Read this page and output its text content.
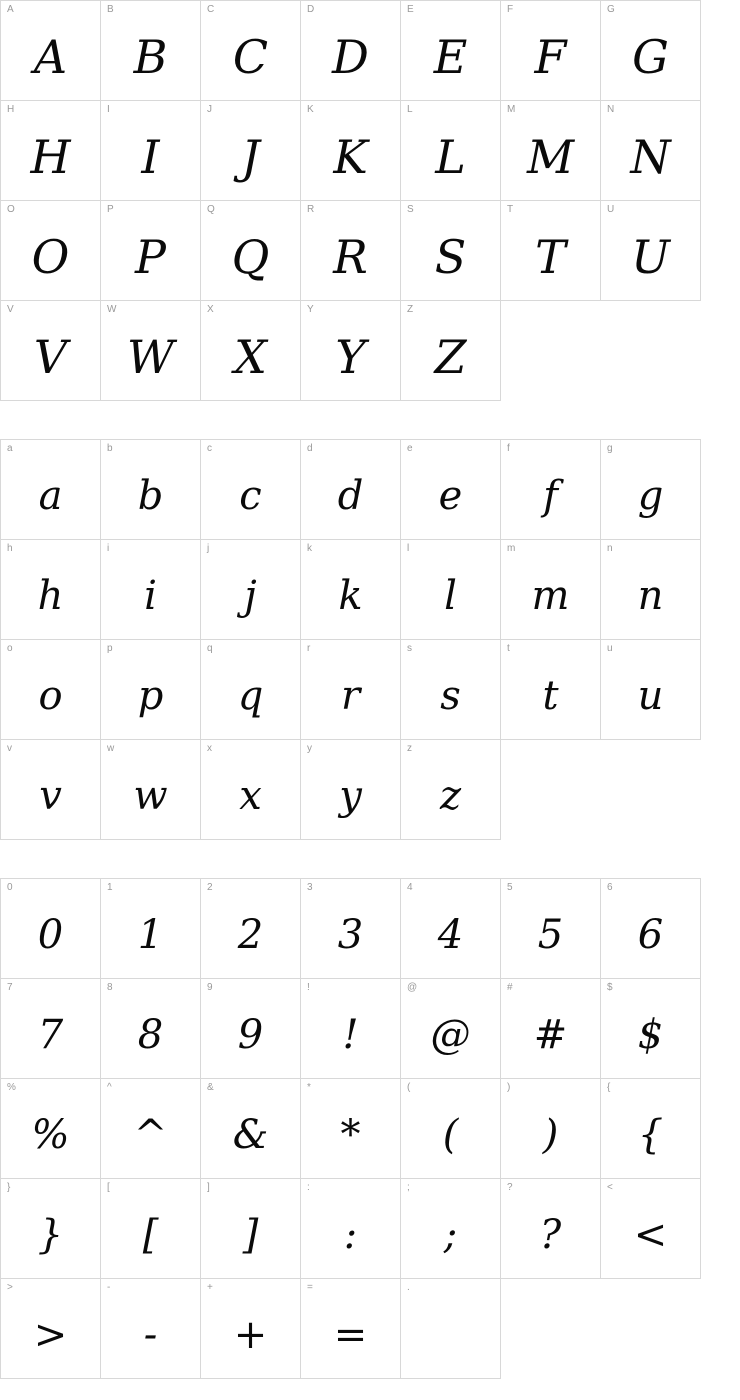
A
A
B
B
C
C
D
D
E
E
F
F
G
G
H
H
I
I
J
J
K
K
L
L
M
M
N
N
O
O
P
P
Q
Q
R
R
S
S
T
T
U
U
V
V
W
W
X
X
Y
Y
Z
Z
a
a
b
b
c
c
d
d
e
e
f
f
g
g
h
h
i
i
j
j
k
k
l
l
m
m
n
n
o
o
p
p
q
q
r
r
s
s
t
t
u
u
v
v
w
w
x
x
y
y
z
z
0
0
1
1
2
2
3
3
4
4
5
5
6
6
7
7
8
8
9
9
!
!
@
@
#
#
$
$
%
%
^
^
&
&
*
*
(
(
)
)
{
{
}
}
[
[
]
]
:
:
;
;
?
?
<
<
>
>
-
-
+
+
=
=
.
